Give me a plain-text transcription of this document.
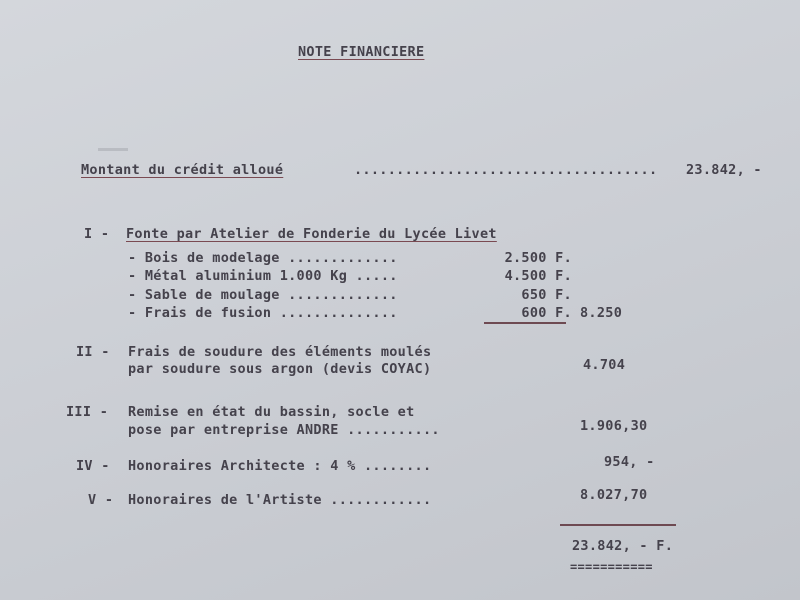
NOTE FINANCIERE
Montant du crédit alloué	.................................... 23.842, -
I - Fonte par Atelier de Fonderie du Lycée Livet
- Bois de modelage .............	2.500 F.
- Métal aluminium 1.000 Kg .....	4.500 F.
- Sable de moulage .............	650 F.
- Frais de fusion ..............	600 F. 8.250
II - Frais de soudure des éléments moulés
par soudure sous argon (devis COYAC)	4.704
III - Remise en état du bassin, socle et
pose par entreprise ANDRE ...........	1.906,30
IV - Honoraires Architecte : 4 % ........	954, -
V - Honoraires de l'Artiste ............	8.027,70
23.842, - F.
===========
